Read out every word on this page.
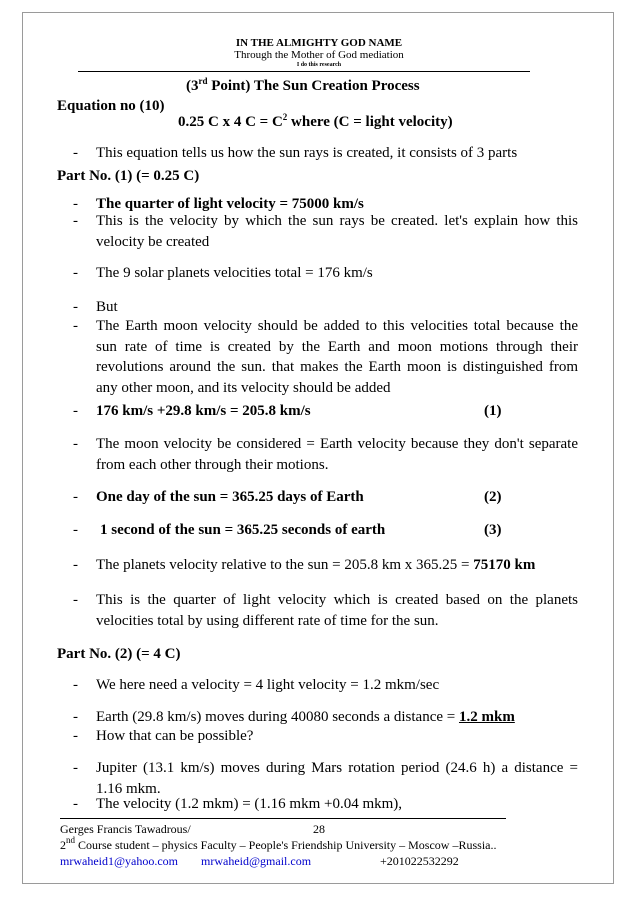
IN THE ALMIGHTY GOD NAME
Through the Mother of God mediation
I do this research
(3rd Point) The Sun Creation Process
Equation no (10)
0.25 C x 4 $C = C^2$ where (C = light velocity)
- This equation tells us how the sun rays is created, it consists of 3 parts
Part No. (1) (= 0.25 C)
- The quarter of light velocity = 75000 km/s
- This is the velocity by which the sun rays be created. let's explain how this
velocity be created
- The 9 solar planets velocities total = 176 km/s
- But
- The Earth moon velocity should be added to this velocities total because the
sun rate of time is created by the Earth and moon motions through their
revolutions around the sun. that makes the Earth moon is distinguished from
any other moon, and its velocity should be added
- 176 km/s +29.8 km/s = 205.8 km/s	(1)
- The moon velocity be considered = Earth velocity because they don't separate
from each other through their motions.
- One day of the sun = 365.25 days of Earth	(2)
- 1 second of the sun = 365.25 seconds of earth	(3)
- The planets velocity relative to the sun = 205.8 km x 365.25 = 75170 km
- This is the quarter of light velocity which is created based on the planets
velocities total by using different rate of time for the sun.
Part No. (2) (= 4 C)
- We here need a velocity = 4 light velocity = 1.2 mkm/sec
- Earth (29.8 km/s) moves during 40080 seconds a distance = 1.2 mkm
- How that can be possible?
- Jupiter (13.1 km/s) moves during Mars rotation period (24.6 h) a distance =
1.16 mkm.
- The velocity (1.2 mkm) = (1.16 mkm +0.04 mkm),
Gerges Francis Tawadrous/	28
2nd Course student – physics Faculty – People's Friendship University – Moscow –Russia..
mrwaheid1@yahoo.com mrwaheid@gmail.com	+201022532292
